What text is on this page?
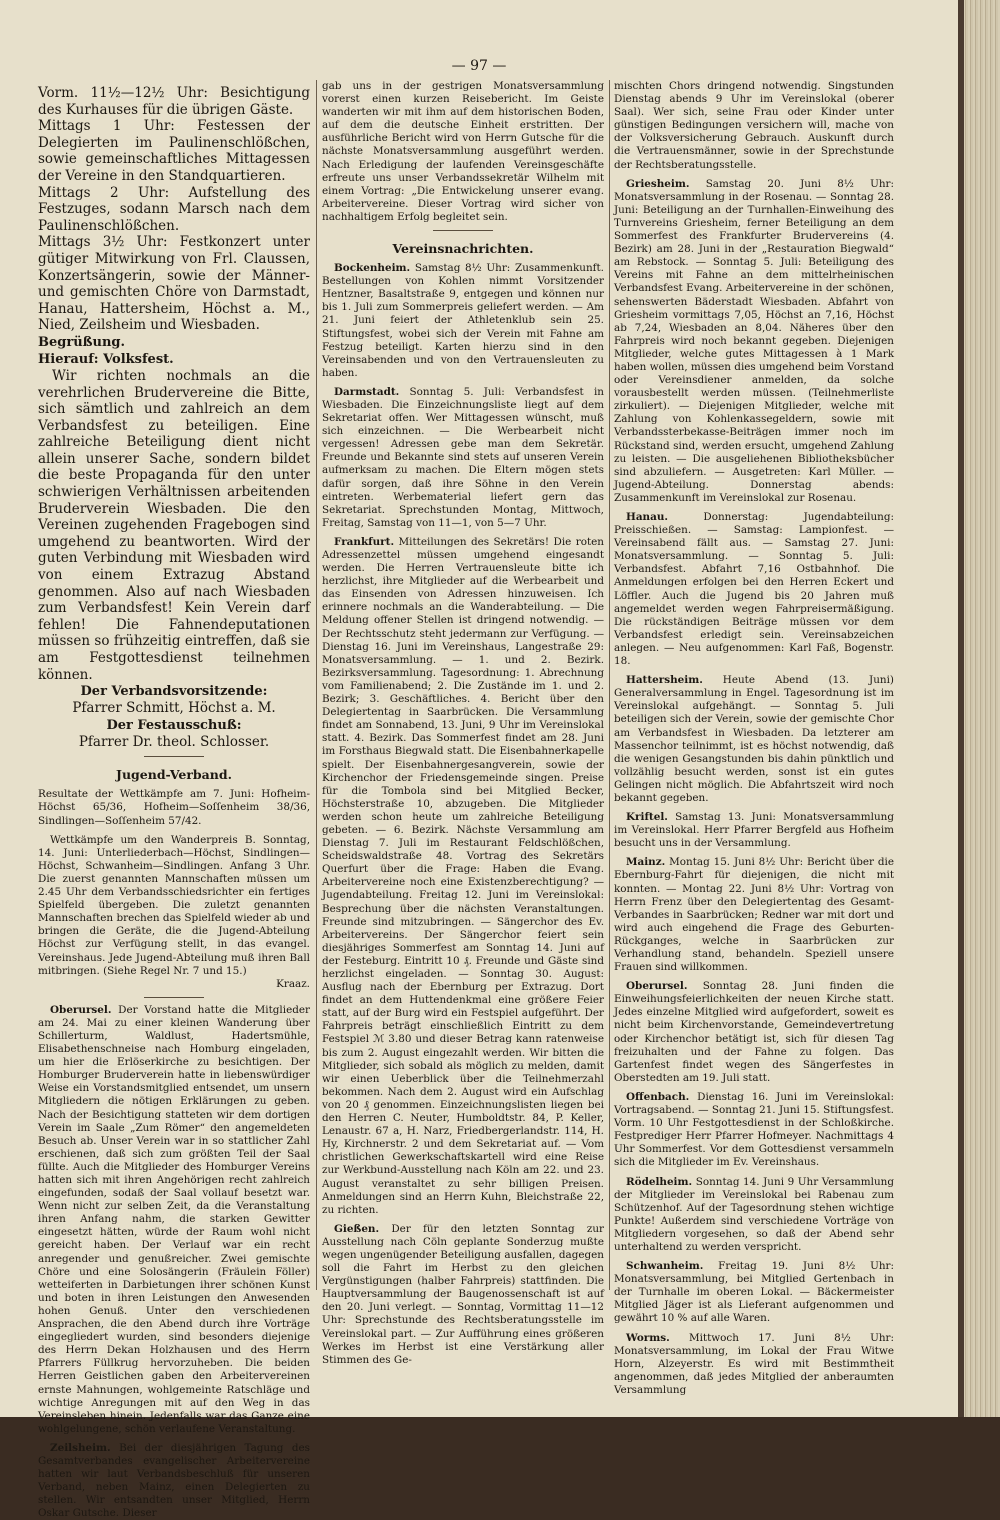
— 97 —

Vorm. 11½—12½ Uhr: Besichtigung des Kurhauses für die übrigen Gäste.

Mittags 1 Uhr: Festessen der Delegierten im Paulinenschlößchen, sowie gemeinschaftliches Mittagessen der Vereine in den Standquartieren.

Mittags 2 Uhr: Aufstellung des Festzuges, sodann Marsch nach dem Paulinenschlößchen.

Mittags 3½ Uhr: Festkonzert unter gütiger Mitwirkung von Frl. Claussen, Konzertsängerin, sowie der Männer- und gemischten Chöre von Darmstadt, Hanau, Hattersheim, Höchst a. M., Nied, Zeilsheim und Wiesbaden.

Begrüßung.
Hierauf: Volksfest.

Wir richten nochmals an die verehrlichen Brudervereine die Bitte, sich sämtlich und zahlreich an dem Verbandsfest zu beteiligen. Eine zahlreiche Beteiligung dient nicht allein unserer Sache, sondern bildet die beste Propaganda für den unter schwierigen Verhältnissen arbeitenden Bruderverein Wiesbaden. Die den Vereinen zugehenden Fragebogen sind umgehend zu beantworten. Wird der guten Verbindung mit Wiesbaden wird von einem Extrazug Abstand genommen. Also auf nach Wiesbaden zum Verbandsfest! Kein Verein darf fehlen! Die Fahnendeputationen müssen so frühzeitig eintreffen, daß sie am Festgottesdienst teilnehmen können.

Der Verbandsvorsitzende:

Pfarrer Schmitt, Höchst a. M.

Der Festausschuß:

Pfarrer Dr. theol. Schlosser.

Jugend-Verband.

Resultate der Wettkämpfe am 7. Juni: Hofheim-Höchst 65/36, Hofheim—Soſſenheim 38/36, Sindlingen—Soſſenheim 57/42.

Wettkämpfe um den Wanderpreis B. Sonntag, 14. Juni: Unterliederbach—Höchst, Sindlingen—Höchst, Schwanheim—Sindlingen. Anfang 3 Uhr. Die zuerst genannten Mannschaften müssen um 2.45 Uhr dem Verbandsschiedsrichter ein fertiges Spielfeld übergeben. Die zuletzt genannten Mannschaften brechen das Spielfeld wieder ab und bringen die Geräte, die die Jugend-Abteilung Höchst zur Verfügung stellt, in das evangel. Vereinshaus. Jede Jugend-Abteilung muß ihren Ball mitbringen. (Siehe Regel Nr. 7 und 15.)

Kraaz.

Oberursel. Der Vorstand hatte die Mitglieder am 24. Mai zu einer kleinen Wanderung über Schillerturm, Waldlust, Hadertsmühle, Elisabethenschneise nach Homburg eingeladen, um hier die Erlöserkirche zu besichtigen. Der Homburger Bruderverein hatte in liebenswürdiger Weise ein Vorstandsmitglied entsendet, um unsern Mitgliedern die nötigen Erklärungen zu geben. Nach der Besichtigung statteten wir dem dortigen Verein im Saale „Zum Römer“ den angemeldeten Besuch ab. Unser Verein war in so stattlicher Zahl erschienen, daß sich zum größten Teil der Saal füllte. Auch die Mitglieder des Homburger Vereins hatten sich mit ihren Angehörigen recht zahlreich eingefunden, sodaß der Saal vollauf besetzt war. Wenn nicht zur selben Zeit, da die Veranstaltung ihren Anfang nahm, die starken Gewitter eingesetzt hätten, würde der Raum wohl nicht gereicht haben. Der Verlauf war ein recht anregender und genußreicher. Zwei gemischte Chöre und eine Solosängerin (Fräulein Föller) wetteiferten in Darbietungen ihrer schönen Kunst und boten in ihren Leistungen den Anwesenden hohen Genuß. Unter den verschiedenen Ansprachen, die den Abend durch ihre Vorträge eingegliedert wurden, sind besonders diejenige des Herrn Dekan Holzhausen und des Herrn Pfarrers Füllkrug hervorzuheben. Die beiden Herren Geistlichen gaben den Arbeitervereinen ernste Mahnungen, wohlgemeinte Ratschläge und wichtige Anregungen mit auf den Weg in das Vereinsleben hinein. Jedenfalls war das Ganze eine wohlgelungene, schön verlaufene Veranstaltung.

Zeilsheim. Bei der diesjährigen Tagung des Gesamtverbandes evangelischer Arbeitervereine hatten wir laut Verbandsbeschluß für unseren Verband, neben Mainz, einen Delegierten zu stellen. Wir entsandten unser Mitglied, Herrn Oskar Gutsche. Dieser

gab uns in der gestrigen Monatsversammlung vorerst einen kurzen Reisebericht. Im Geiste wanderten wir mit ihm auf dem historischen Boden, auf dem die deutsche Einheit erstritten. Der ausführliche Bericht wird von Herrn Gutsche für die nächste Monatsversammlung ausgeführt werden. Nach Erledigung der laufenden Vereinsgeschäfte erfreute uns unser Verbandssekretär Wilhelm mit einem Vortrag: „Die Entwickelung unserer evang. Arbeitervereine. Dieser Vortrag wird sicher von nachhaltigem Erfolg begleitet sein.

Vereinsnachrichten.

Bockenheim. Samstag 8½ Uhr: Zusammenkunft. Bestellungen von Kohlen nimmt Vorsitzender Hentzner, Basaltstraße 9, entgegen und können nur bis 1. Juli zum Sommerpreis geliefert werden. — Am 21. Juni feiert der Athletenklub sein 25. Stiftungsfest, wobei sich der Verein mit Fahne am Festzug beteiligt. Karten hierzu sind in den Vereinsabenden und von den Vertrauensleuten zu haben.

Darmstadt. Sonntag 5. Juli: Verbandsfest in Wiesbaden. Die Einzeichnungsliste liegt auf dem Sekretariat offen. Wer Mittagessen wünscht, muß sich einzeichnen. — Die Werbearbeit nicht vergessen! Adressen gebe man dem Sekretär. Freunde und Bekannte sind stets auf unseren Verein aufmerksam zu machen. Die Eltern mögen stets dafür sorgen, daß ihre Söhne in den Verein eintreten. Werbematerial liefert gern das Sekretariat. Sprechstunden Montag, Mittwoch, Freitag, Samstag von 11—1, von 5—7 Uhr.

Frankfurt. Mitteilungen des Sekretärs! Die roten Adressenzettel müssen umgehend eingesandt werden. Die Herren Vertrauensleute bitte ich herzlichst, ihre Mitglieder auf die Werbearbeit und das Einsenden von Adressen hinzuweisen. Ich erinnere nochmals an die Wanderabteilung. — Die Meldung offener Stellen ist dringend notwendig. — Der Rechtsschutz steht jedermann zur Verfügung. — Dienstag 16. Juni im Vereinshaus, Langestraße 29: Monatsversammlung. — 1. und 2. Bezirk. Bezirksversammlung. Tagesordnung: 1. Abrechnung vom Familienabend; 2. Die Zustände im 1. und 2. Bezirk; 3. Geschäftliches. 4. Bericht über den Delegiertentag in Saarbrücken. Die Versammlung findet am Sonnabend, 13. Juni, 9 Uhr im Vereinslokal statt. 4. Bezirk. Das Sommerfest findet am 28. Juni im Forsthaus Biegwald statt. Die Eisenbahnerkapelle spielt. Der Eisenbahnergesangverein, sowie der Kirchenchor der Friedensgemeinde singen. Preise für die Tombola sind bei Mitglied Becker, Höchsterstraße 10, abzugeben. Die Mitglieder werden schon heute um zahlreiche Beteiligung gebeten. — 6. Bezirk. Nächste Versammlung am Dienstag 7. Juli im Restaurant Feldschlößchen, Scheidswaldstraße 48. Vortrag des Sekretärs Querfurt über die Frage: Haben die Evang. Arbeitervereine noch eine Existenzberechtigung? — Jugendabteilung. Freitag 12. Juni im Vereinslokal: Besprechung über die nächsten Veranstaltungen. Freunde sind mitzubringen. — Sängerchor des Ev. Arbeitervereins. Der Sängerchor feiert sein diesjähriges Sommerfest am Sonntag 14. Juni auf der Festeburg. Eintritt 10 ₰. Freunde und Gäste sind herzlichst eingeladen. — Sonntag 30. August: Ausflug nach der Ebernburg per Extrazug. Dort findet an dem Huttendenkmal eine größere Feier statt, auf der Burg wird ein Festspiel aufgeführt. Der Fahrpreis beträgt einschließlich Eintritt zu dem Festspiel ℳ 3.80 und dieser Betrag kann ratenweise bis zum 2. August eingezahlt werden. Wir bitten die Mitglieder, sich sobald als möglich zu melden, damit wir einen Ueberblick über die Teilnehmerzahl bekommen. Nach dem 2. August wird ein Aufschlag von 20 ₰ genommen. Einzeichnungslisten liegen bei den Herren C. Neuter, Humboldtstr. 84, P. Keller, Lenaustr. 67 a, H. Narz, Friedbergerlandstr. 114, H. Hy, Kirchnerstr. 2 und dem Sekretariat auf. — Vom christlichen Gewerkschaftskartell wird eine Reise zur Werkbund-Ausstellung nach Köln am 22. und 23. August veranstaltet zu sehr billigen Preisen. Anmeldungen sind an Herrn Kuhn, Bleichstraße 22, zu richten.

Gießen. Der für den letzten Sonntag zur Ausstellung nach Cöln geplante Sonderzug mußte wegen ungenügender Beteiligung ausfallen, dagegen soll die Fahrt im Herbst zu den gleichen Vergünstigungen (halber Fahrpreis) stattfinden. Die Hauptversammlung der Baugenossenschaft ist auf den 20. Juni verlegt. — Sonntag, Vormittag 11—12 Uhr: Sprechstunde des Rechtsberatungsstelle im Vereinslokal part. — Zur Aufführung eines größeren Werkes im Herbst ist eine Verstärkung aller Stimmen des Ge-

mischten Chors dringend notwendig. Singstunden Dienstag abends 9 Uhr im Vereinslokal (oberer Saal). Wer sich, seine Frau oder Kinder unter günstigen Bedingungen versichern will, mache von der Volksversicherung Gebrauch. Auskunft durch die Vertrauensmänner, sowie in der Sprechstunde der Rechtsberatungsstelle.

Griesheim. Samstag 20. Juni 8½ Uhr: Monatsversammlung in der Rosenau. — Sonntag 28. Juni: Beteiligung an der Turnhallen-Einweihung des Turnvereins Griesheim, ferner Beteiligung an dem Sommerfest des Frankfurter Brudervereins (4. Bezirk) am 28. Juni in der „Restauration Biegwald“ am Rebstock. — Sonntag 5. Juli: Beteiligung des Vereins mit Fahne an dem mittelrheinischen Verbandsfest Evang. Arbeitervereine in der schönen, sehenswerten Bäderstadt Wiesbaden. Abfahrt von Griesheim vormittags 7,05, Höchst an 7,16, Höchst ab 7,24, Wiesbaden an 8,04. Näheres über den Fahrpreis wird noch bekannt gegeben. Diejenigen Mitglieder, welche gutes Mittagessen à 1 Mark haben wollen, müssen dies umgehend beim Vorstand oder Vereinsdiener anmelden, da solche vorausbestellt werden müssen. (Teilnehmerliste zirkuliert). — Diejenigen Mitglieder, welche mit Zahlung von Kohlenkassegeldern, sowie mit Verbandssterbekasse-Beiträgen immer noch im Rückstand sind, werden ersucht, umgehend Zahlung zu leisten. — Die ausgeliehenen Bibliotheksbücher sind abzuliefern. — Ausgetreten: Karl Müller. — Jugend-Abteilung. Donnerstag abends: Zusammenkunft im Vereinslokal zur Rosenau.

Hanau.	Donnerstag: Jugendabteilung: Preisschießen. — Samstag: Lampionfest. — Vereinsabend fällt aus. — Samstag 27. Juni: Monatsversammlung. — Sonntag 5. Juli: Verbandsfest. Abfahrt 7,16 Ostbahnhof. Die Anmeldungen erfolgen bei den Herren Eckert und Löffler. Auch die Jugend bis 20 Jahren muß angemeldet werden wegen Fahrpreisermäßigung. Die rückständigen Beiträge müssen vor dem Verbandsfest erledigt sein. Vereinsabzeichen anlegen. — Neu aufgenommen: Karl Faß, Bogenstr. 18.

Hattersheim. Heute Abend (13. Juni) Generalversammlung in Engel. Tagesordnung ist im Vereinslokal aufgehängt. — Sonntag 5. Juli beteiligen sich der Verein, sowie der gemischte Chor am Verbandsfest in Wiesbaden. Da letzterer am Massenchor teilnimmt, ist es höchst notwendig, daß die wenigen Gesangstunden bis dahin pünktlich und vollzählig besucht werden, sonst ist ein gutes Gelingen nicht möglich. Die Abfahrtszeit wird noch bekannt gegeben.

Kriftel. Samstag 13. Juni: Monatsversammlung im Vereinslokal. Herr Pfarrer Bergfeld aus Hofheim besucht uns in der Versammlung.

Mainz. Montag 15. Juni 8½ Uhr: Bericht über die Ebernburg-Fahrt für diejenigen, die nicht mit konnten. — Montag 22. Juni 8½ Uhr: Vortrag von Herrn Frenz über den Delegiertentag des Gesamt-Verbandes in Saarbrücken; Redner war mit dort und wird auch eingehend die Frage des Geburten-Rückganges, welche in Saarbrücken zur Verhandlung stand, behandeln. Speziell unsere Frauen sind willkommen.

Oberursel. Sonntag 28. Juni finden die Einweihungsfeierlichkeiten der neuen Kirche statt. Jedes einzelne Mitglied wird aufgefordert, soweit es nicht beim Kirchenvorstande, Gemeindevertretung oder Kirchenchor betätigt ist, sich für diesen Tag freizuhalten und der Fahne zu folgen. Das Gartenfest findet wegen des Sängerfestes in Oberstedten am 19. Juli statt.

Offenbach. Dienstag 16. Juni im Vereinslokal: Vortragsabend. — Sonntag 21. Juni 15. Stiftungsfest. Vorm. 10 Uhr Festgottesdienst in der Schloßkirche. Festprediger Herr Pfarrer Hofmeyer. Nachmittags 4 Uhr Sommerfest. Vor dem Gottesdienst versammeln sich die Mitglieder im Ev. Vereinshaus.

Rödelheim. Sonntag 14. Juni 9 Uhr Versammlung der Mitglieder im Vereinslokal bei Rabenau zum Schützenhof. Auf der Tagesordnung stehen wichtige Punkte! Außerdem sind verschiedene Vorträge von Mitgliedern vorgesehen, so daß der Abend sehr unterhaltend zu werden verspricht.

Schwanheim. Freitag 19. Juni 8½ Uhr: Monatsversammlung, bei Mitglied Gertenbach in der Turnhalle im oberen Lokal. — Bäckermeister Mitglied Jäger ist als Lieferant aufgenommen und gewährt 10 % auf alle Waren.

Worms. Mittwoch 17. Juni 8½ Uhr: Monatsversammlung, im Lokal der Frau Witwe Horn, Alzeyerstr. Es wird mit Bestimmtheit angenommen, daß jedes Mitglied der anberaumten Versammlung
